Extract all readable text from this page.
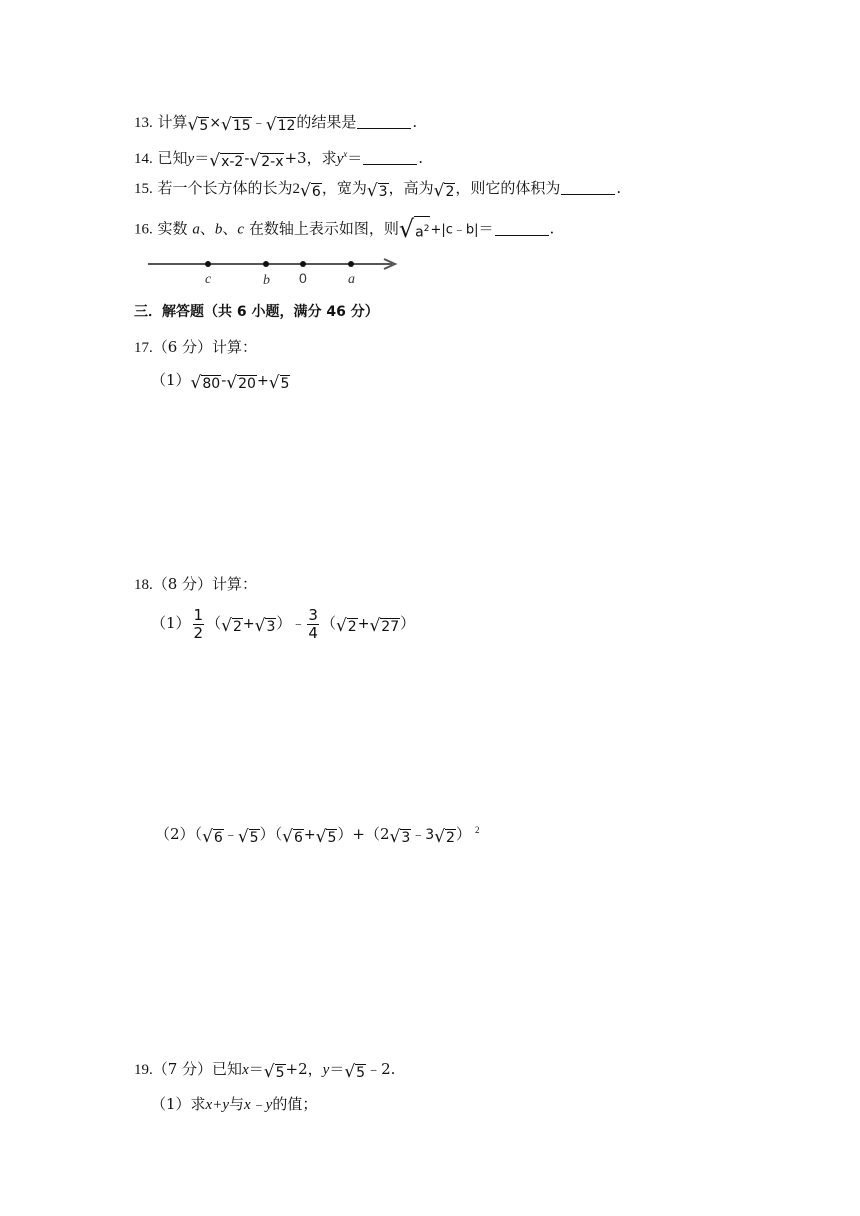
13. 计算 √ 5 × √ 15 ﹣ √ 12 的结果是	.
14. 已知y＝ √ x-2 - √ 2-x +3，求$y^x=$	.
15. 若一个长方体的长为2 √ 6 ，宽为 √ 3 ，高为 √ 2 ，则它的体积为	.
16. 实数 a、b、c 在数轴上表示如图，则 √ $a^2$ +|c﹣b|＝	.
c	b 0	a
三．解答题（共 6 小题，满分 46 分）
17.（6 分）计算：
（1） √ 80 - √ 20 + √ 5
18.（8 分）计算：
$(1) \frac{1}{2}$ （ √ 2 + √ 3 ）﹣ $\frac{3}{4}$ （ √ 2 + √ 27 ）
（2）（ √ 6 ﹣ √ 5 ）（ √ 6 + √ 5 ）+（2 √ 3 ﹣3 √ 2 ） $^2$
19.（7 分）已知x＝ √ 5 +2，y＝ √ 5 ﹣2.
（1）求x+y与x﹣y的值；
